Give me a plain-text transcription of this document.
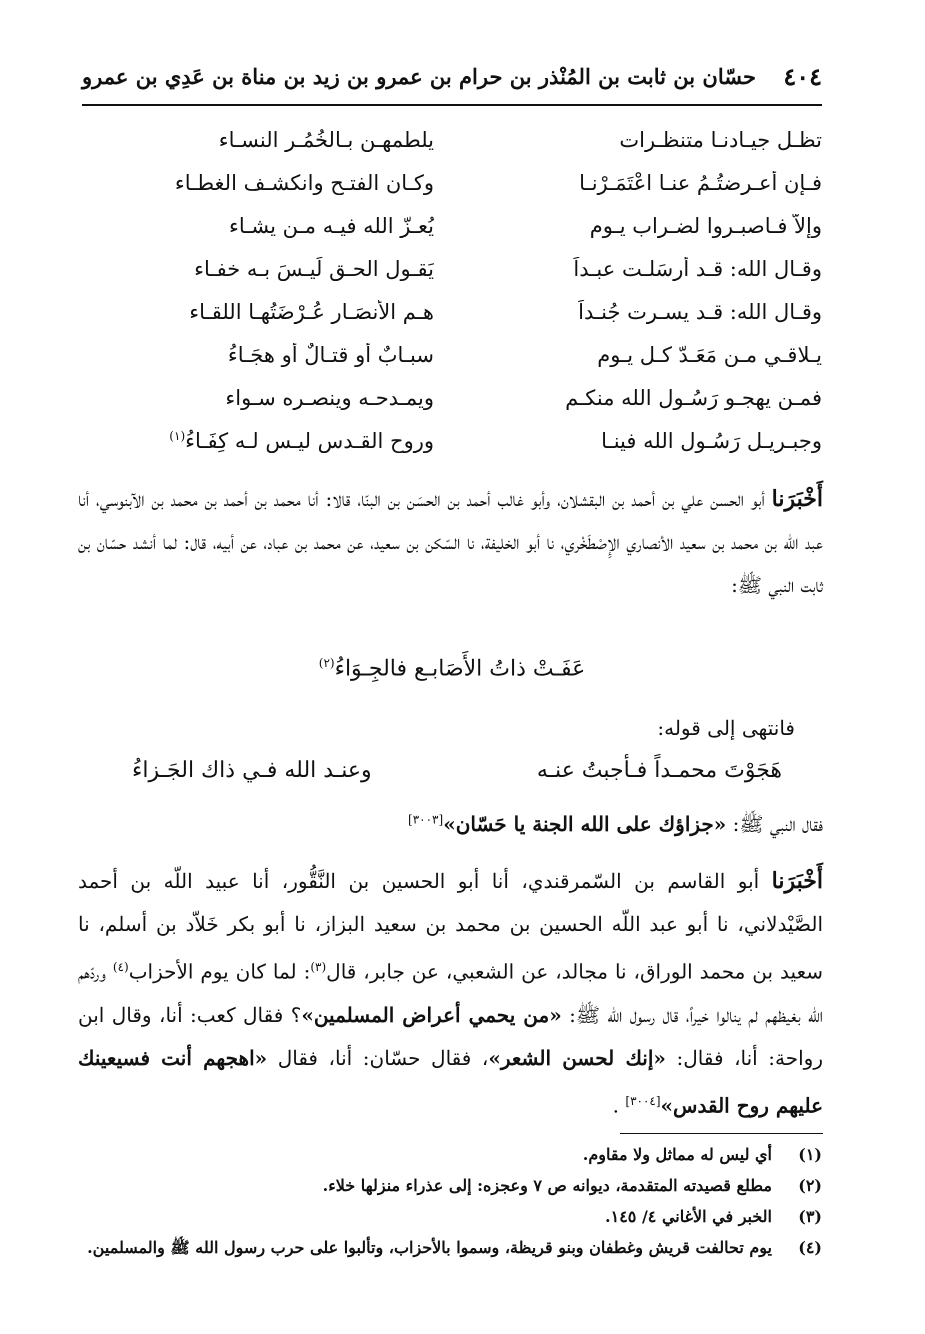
٤٠٤
حسّان بن ثابت بن المُنْذر بن حرام بن عمرو بن زيد بن مناة بن عَدِي بن عمرو
تظـل جيـادنـا متنظـرات
يلطمهـن بـالخُمُـر النسـاء
فـإن أعـرضتُـمُ عنـا اعْتَمَـرْنـا
وكـان الفتـح وانكشـف الغطـاء
وإلاّ فـاصبـروا لضـراب يـوم
يُعـزّ الله فيـه مـن يشـاء
وقـال الله: قـد أرسَلـت عبـداً
يَقـول الحـق لَيـسَ بـه خفـاء
وقـال الله: قـد يسـرت جُنـداً
هـم الأنصَـار عُـرْضَتُهـا اللقـاء
يـلاقـي مـن مَعَـدّ كـل يـوم
سبـابٌ أو قتـالٌ أو هجَـاءُ
فمـن يهجـو رَسُـول الله منكـم
ويمـدحـه وينصـره سـواء
وجبـريـل رَسُـول الله فينـا
وروح القـدس ليـس لـه كِفَـاءُ$^{(١)}$
أَخْبَرَنا أبو الحسن علي بن أحمد بن البقشلان، وأبو غالب أحمد بن الحسَن بن البنّا، قالا: أنا محمد بن أحمد بن محمد بن الآبنوسي، أنا عبد اللّه بن محمد بن سعيد الأنصاري الإِصْطَخْري، نا أبو الخليفة، نا السّكن بن سعيد، عن محمد بن عباد، عن أبيه، قال: لما أنشد حسّان بن ثابت النبي ﷺ:
عَفَـتْ ذاتُ الأَصَابـع فالجِـوَاءُ$^{(٢)}$
فانتهى إلى قوله:
هَجَوْتَ محمـداً فـأجبتُ عنـه
وعنـد الله فـي ذاك الجَـزاءُ
فقال النبي ﷺ: «جزاؤك على الله الجنة يا حَسّان»[٣٠٠٣]
أَخْبَرَنا أبو القاسم بن السّمرقندي، أنا أبو الحسين بن النَّقُّور، أنا عبيد اللّه بن أحمد الصَّيْدلاني، نا أبو عبد اللّه الحسين بن محمد بن سعيد البزاز، نا أبو بكر خَلاّد بن أسلم، نا سعيد بن محمد الوراق، نا مجالد، عن الشعبي، عن جابر، قال$^{(٣)}$: لما كان يوم الأحزاب$^{(٤)}$ وردّهم الله بغيظهم لم ينالوا خيراً، قال رسول الله ﷺ: «من يحمي أعراض المسلمين»؟ فقال كعب: أنا، وقال ابن رواحة: أنا، فقال: «إنك لحسن الشعر»، فقال حسّان: أنا، فقال «اهجهم أنت فسيعينك عليهم روح القدس»[٣٠٠٤] .
(١)
أي ليس له مماثل ولا مقاوم.
(٢)
مطلع قصيدته المتقدمة، ديوانه ص ٧ وعجزه: إلى عذراء منزلها خلاء.
(٣)
الخبر في الأغاني ٤/ ١٤٥.
(٤)
يوم تحالفت قريش وغطفان وبنو قريظة، وسموا بالأحزاب، وتألبوا على حرب رسول الله ﷺ والمسلمين.
